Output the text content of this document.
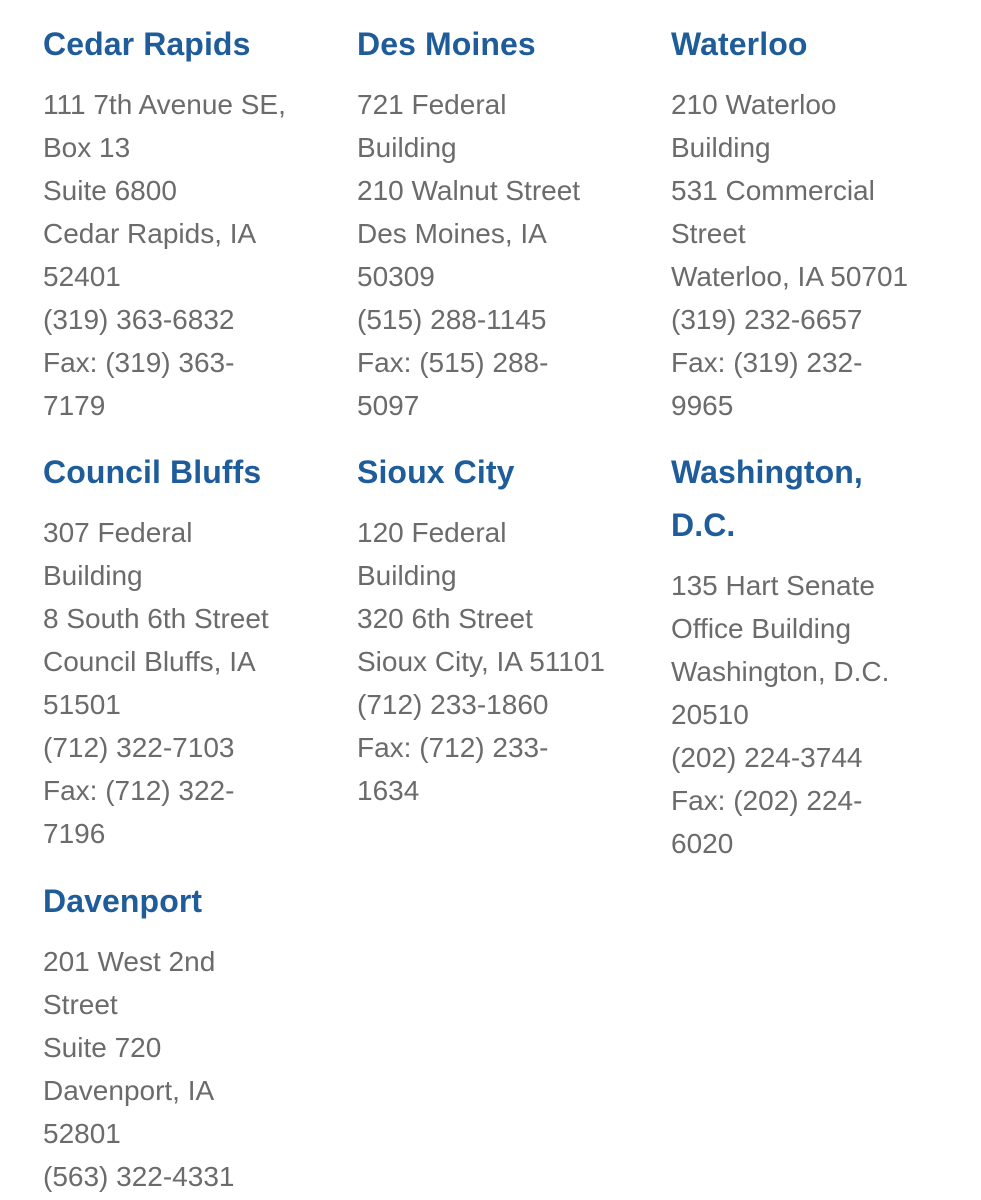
Cedar Rapids
111 7th Avenue SE,
Box 13
Suite 6800
Cedar Rapids, IA
52401
(319) 363-6832
Fax: (319) 363-
7179
Des Moines
721 Federal
Building
210 Walnut Street
Des Moines, IA
50309
(515) 288-1145
Fax: (515) 288-
5097
Waterloo
210 Waterloo
Building
531 Commercial
Street
Waterloo, IA 50701
(319) 232-6657
Fax: (319) 232-
9965
Council Bluffs
307 Federal
Building
8 South 6th Street
Council Bluffs, IA
51501
(712) 322-7103
Fax: (712) 322-
7196
Sioux City
120 Federal
Building
320 6th Street
Sioux City, IA 51101
(712) 233-1860
Fax: (712) 233-
1634
Washington,
D.C.
135 Hart Senate
Office Building
Washington, D.C.
20510
(202) 224-3744
Fax: (202) 224-
6020
Davenport
201 West 2nd
Street
Suite 720
Davenport, IA
52801
(563) 322-4331
